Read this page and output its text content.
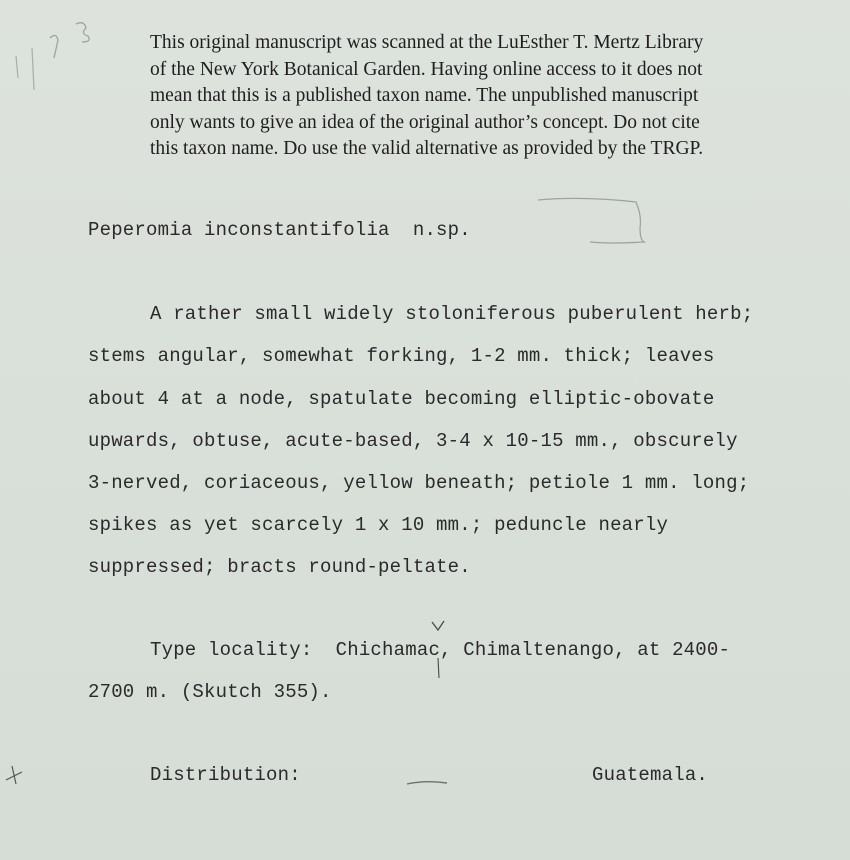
This original manuscript was scanned at the LuEsther T. Mertz Library

of the New York Botanical Garden. Having online access to it does not

mean that this is a published taxon name. The unpublished manuscript

only wants to give an idea of the original author’s concept. Do not cite

this taxon name. Do use the valid alternative as provided by the TRGP.

Peperomia inconstantifolia  n.sp.
A rather small widely stoloniferous puberulent herb;
stems angular, somewhat forking, 1-2 mm. thick; leaves
about 4 at a node, spatulate becoming elliptic-obovate
upwards, obtuse, acute-based, 3-4 x 10-15 mm., obscurely
3-nerved, coriaceous, yellow beneath; petiole 1 mm. long;
spikes as yet scarcely 1 x 10 mm.; peduncle nearly
suppressed; bracts round-peltate.
Type locality:  Chichamac, Chimaltenango, at 2400-
2700 m. (Skutch 355).
Distribution:	Guatemala.
